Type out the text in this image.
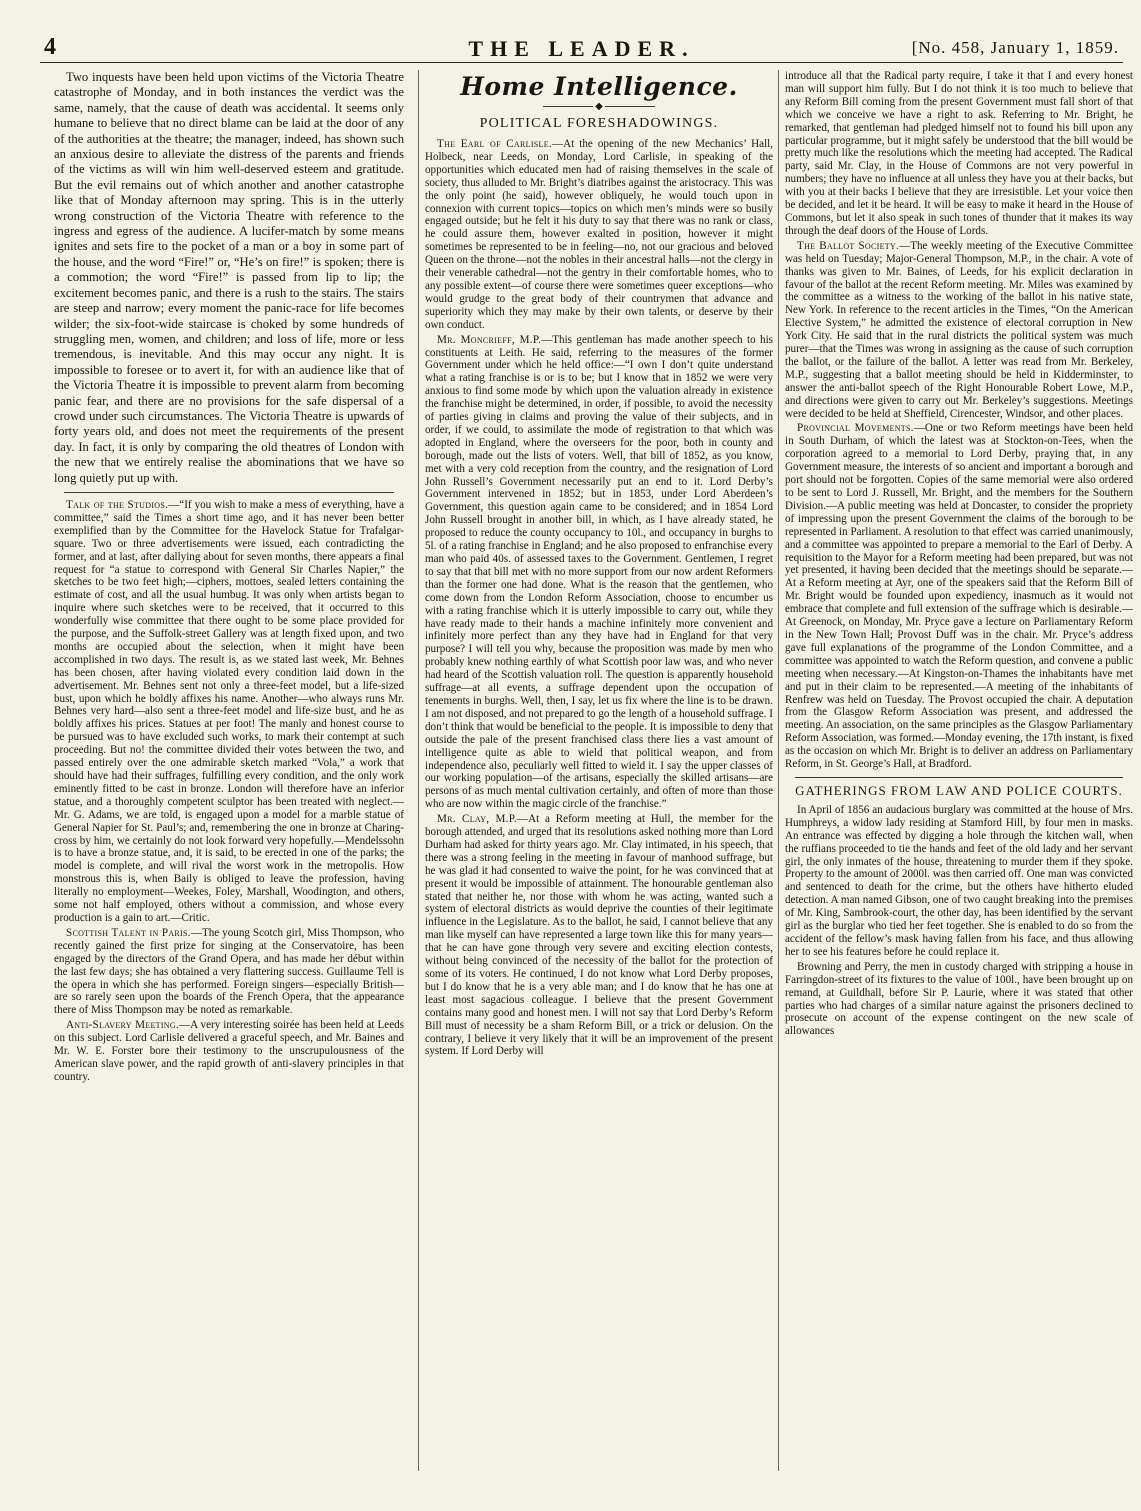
4	THE LEADER.	[No. 458, January 1, 1859.

Two inquests have been held upon victims of the Victoria Theatre catastrophe of Monday, and in both instances the verdict was the same, namely, that the cause of death was accidental. It seems only humane to believe that no direct blame can be laid at the door of any of the authorities at the theatre; the manager, indeed, has shown such an anxious desire to alleviate the distress of the parents and friends of the victims as will win him well-deserved esteem and gratitude. But the evil remains out of which another and another catastrophe like that of Monday afternoon may spring. This is in the utterly wrong construction of the Victoria Theatre with reference to the ingress and egress of the audience. A lucifer-match by some means ignites and sets fire to the pocket of a man or a boy in some part of the house, and the word “Fire!” or, “He’s on fire!” is spoken; there is a commotion; the word “Fire!” is passed from lip to lip; the excitement becomes panic, and there is a rush to the stairs. The stairs are steep and narrow; every moment the panic-race for life becomes wilder; the six-foot-wide staircase is choked by some hundreds of struggling men, women, and children; and loss of life, more or less tremendous, is inevitable. And this may occur any night. It is impossible to foresee or to avert it, for with an audience like that of the Victoria Theatre it is impossible to prevent alarm from becoming panic fear, and there are no provisions for the safe dispersal of a crowd under such circumstances. The Victoria Theatre is upwards of forty years old, and does not meet the requirements of the present day. In fact, it is only by comparing the old theatres of London with the new that we entirely realise the abominations that we have so long quietly put up with.

Talk of the Studios.—“If you wish to make a mess of everything, have a committee,” said the Times a short time ago, and it has never been better exemplified than by the Committee for the Havelock Statue for Trafalgar-square. Two or three advertisements were issued, each contradicting the former, and at last, after dallying about for seven months, there appears a final request for “a statue to correspond with General Sir Charles Napier,” the sketches to be two feet high;—ciphers, mottoes, sealed letters containing the estimate of cost, and all the usual humbug. It was only when artists began to inquire where such sketches were to be received, that it occurred to this wonderfully wise committee that there ought to be some place provided for the purpose, and the Suffolk-street Gallery was at length fixed upon, and two months are occupied about the selection, when it might have been accomplished in two days. The result is, as we stated last week, Mr. Behnes has been chosen, after having violated every condition laid down in the advertisement. Mr. Behnes sent not only a three-feet model, but a life-sized bust, upon which he boldly affixes his name. Another—who always runs Mr. Behnes very hard—also sent a three-feet model and life-size bust, and he as boldly affixes his prices. Statues at per foot! The manly and honest course to be pursued was to have excluded such works, to mark their contempt at such proceeding. But no! the committee divided their votes between the two, and passed entirely over the one admirable sketch marked “Vola,” a work that should have had their suffrages, fulfilling every condition, and the only work eminently fitted to be cast in bronze. London will therefore have an inferior statue, and a thoroughly competent sculptor has been treated with neglect.—Mr. G. Adams, we are told, is engaged upon a model for a marble statue of General Napier for St. Paul’s; and, remembering the one in bronze at Charing-cross by him, we certainly do not look forward very hopefully.—Mendelssohn is to have a bronze statue, and, it is said, to be erected in one of the parks; the model is complete, and will rival the worst work in the metropolis. How monstrous this is, when Baily is obliged to leave the profession, having literally no employment—Weekes, Foley, Marshall, Woodington, and others, some not half employed, others without a commission, and whose every production is a gain to art.—Critic.

Scottish Talent in Paris.—The young Scotch girl, Miss Thompson, who recently gained the first prize for singing at the Conservatoire, has been engaged by the directors of the Grand Opera, and has made her début within the last few days; she has obtained a very flattering success. Guillaume Tell is the opera in which she has performed. Foreign singers—especially British—are so rarely seen upon the boards of the French Opera, that the appearance there of Miss Thompson may be noted as remarkable.

Anti-Slavery Meeting.—A very interesting soirée has been held at Leeds on this subject. Lord Carlisle delivered a graceful speech, and Mr. Baines and Mr. W. E. Forster bore their testimony to the unscrupulousness of the American slave power, and the rapid growth of anti-slavery principles in that country.

Home Intelligence.
◆
POLITICAL FORESHADOWINGS.

The Earl of Carlisle.—At the opening of the new Mechanics’ Hall, Holbeck, near Leeds, on Monday, Lord Carlisle, in speaking of the opportunities which educated men had of raising themselves in the scale of society, thus alluded to Mr. Bright’s diatribes against the aristocracy. This was the only point (he said), however obliquely, he would touch upon in connexion with current topics—topics on which men’s minds were so busily engaged outside; but he felt it his duty to say that there was no rank or class, he could assure them, however exalted in position, however it might sometimes be represented to be in feeling—no, not our gracious and beloved Queen on the throne—not the nobles in their ancestral halls—not the clergy in their venerable cathedral—not the gentry in their comfortable homes, who to any possible extent—of course there were sometimes queer exceptions—who would grudge to the great body of their countrymen that advance and superiority which they may make by their own talents, or deserve by their own conduct.

Mr. Moncrieff, M.P.—This gentleman has made another speech to his constituents at Leith. He said, referring to the measures of the former Government under which he held office:—“I own I don’t quite understand what a rating franchise is or is to be; but I know that in 1852 we were very anxious to find some mode by which upon the valuation already in existence the franchise might be determined, in order, if possible, to avoid the necessity of parties giving in claims and proving the value of their subjects, and in order, if we could, to assimilate the mode of registration to that which was adopted in England, where the overseers for the poor, both in county and borough, made out the lists of voters. Well, that bill of 1852, as you know, met with a very cold reception from the country, and the resignation of Lord John Russell’s Government necessarily put an end to it. Lord Derby’s Government intervened in 1852; but in 1853, under Lord Aberdeen’s Government, this question again came to be considered; and in 1854 Lord John Russell brought in another bill, in which, as I have already stated, he proposed to reduce the county occupancy to 10l., and occupancy in burghs to 5l. of a rating franchise in England; and he also proposed to enfranchise every man who paid 40s. of assessed taxes to the Government. Gentlemen, I regret to say that that bill met with no more support from our now ardent Reformers than the former one had done. What is the reason that the gentlemen, who come down from the London Reform Association, choose to encumber us with a rating franchise which it is utterly impossible to carry out, while they have ready made to their hands a machine infinitely more convenient and infinitely more perfect than any they have had in England for that very purpose? I will tell you why, because the proposition was made by men who probably knew nothing earthly of what Scottish poor law was, and who never had heard of the Scottish valuation roll. The question is apparently household suffrage—at all events, a suffrage dependent upon the occupation of tenements in burghs. Well, then, I say, let us fix where the line is to be drawn. I am not disposed, and not prepared to go the length of a household suffrage. I don’t think that would be beneficial to the people. It is impossible to deny that outside the pale of the present franchised class there lies a vast amount of intelligence quite as able to wield that political weapon, and from independence also, peculiarly well fitted to wield it. I say the upper classes of our working population—of the artisans, especially the skilled artisans—are persons of as much mental cultivation certainly, and often of more than those who are now within the magic circle of the franchise.”

Mr. Clay, M.P.—At a Reform meeting at Hull, the member for the borough attended, and urged that its resolutions asked nothing more than Lord Durham had asked for thirty years ago. Mr. Clay intimated, in his speech, that there was a strong feeling in the meeting in favour of manhood suffrage, but he was glad it had consented to waive the point, for he was convinced that at present it would be impossible of attainment. The honourable gentleman also stated that neither he, nor those with whom he was acting, wanted such a system of electoral districts as would deprive the counties of their legitimate influence in the Legislature. As to the ballot, he said, I cannot believe that any man like myself can have represented a large town like this for many years—that he can have gone through very severe and exciting election contests, without being convinced of the necessity of the ballot for the protection of some of its voters. He continued, I do not know what Lord Derby proposes, but I do know that he is a very able man; and I do know that he has one at least most sagacious colleague. I believe that the present Government contains many good and honest men. I will not say that Lord Derby’s Reform Bill must of necessity be a sham Reform Bill, or a trick or delusion. On the contrary, I believe it very likely that it will be an improvement of the present system. If Lord Derby will

introduce all that the Radical party require, I take it that I and every honest man will support him fully. But I do not think it is too much to believe that any Reform Bill coming from the present Government must fall short of that which we conceive we have a right to ask. Referring to Mr. Bright, he remarked, that gentleman had pledged himself not to found his bill upon any particular programme, but it might safely be understood that the bill would be pretty much like the resolutions which the meeting had accepted. The Radical party, said Mr. Clay, in the House of Commons are not very powerful in numbers; they have no influence at all unless they have you at their backs, but with you at their backs I believe that they are irresistible. Let your voice then be decided, and let it be heard. It will be easy to make it heard in the House of Commons, but let it also speak in such tones of thunder that it makes its way through the deaf doors of the House of Lords.

The Ballot Society.—The weekly meeting of the Executive Committee was held on Tuesday; Major-General Thompson, M.P., in the chair. A vote of thanks was given to Mr. Baines, of Leeds, for his explicit declaration in favour of the ballot at the recent Reform meeting. Mr. Miles was examined by the committee as a witness to the working of the ballot in his native state, New York. In reference to the recent articles in the Times, “On the American Elective System,” he admitted the existence of electoral corruption in New York City. He said that in the rural districts the political system was much purer—that the Times was wrong in assigning as the cause of such corruption the ballot, or the failure of the ballot. A letter was read from Mr. Berkeley, M.P., suggesting that a ballot meeting should be held in Kidderminster, to answer the anti-ballot speech of the Right Honourable Robert Lowe, M.P., and directions were given to carry out Mr. Berkeley’s suggestions. Meetings were decided to be held at Sheffield, Cirencester, Windsor, and other places.

Provincial Movements.—One or two Reform meetings have been held in South Durham, of which the latest was at Stockton-on-Tees, when the corporation agreed to a memorial to Lord Derby, praying that, in any Government measure, the interests of so ancient and important a borough and port should not be forgotten. Copies of the same memorial were also ordered to be sent to Lord J. Russell, Mr. Bright, and the members for the Southern Division.—A public meeting was held at Doncaster, to consider the propriety of impressing upon the present Government the claims of the borough to be represented in Parliament. A resolution to that effect was carried unanimously, and a committee was appointed to prepare a memorial to the Earl of Derby. A requisition to the Mayor for a Reform meeting had been prepared, but was not yet presented, it having been decided that the meetings should be separate.—At a Reform meeting at Ayr, one of the speakers said that the Reform Bill of Mr. Bright would be founded upon expediency, inasmuch as it would not embrace that complete and full extension of the suffrage which is desirable.—At Greenock, on Monday, Mr. Pryce gave a lecture on Parliamentary Reform in the New Town Hall; Provost Duff was in the chair. Mr. Pryce’s address gave full explanations of the programme of the London Committee, and a committee was appointed to watch the Reform question, and convene a public meeting when necessary.—At Kingston-on-Thames the inhabitants have met and put in their claim to be represented.—A meeting of the inhabitants of Renfrew was held on Tuesday. The Provost occupied the chair. A deputation from the Glasgow Reform Association was present, and addressed the meeting. An association, on the same principles as the Glasgow Parliamentary Reform Association, was formed.—Monday evening, the 17th instant, is fixed as the occasion on which Mr. Bright is to deliver an address on Parliamentary Reform, in St. George’s Hall, at Bradford.

GATHERINGS FROM LAW AND POLICE COURTS.

In April of 1856 an audacious burglary was committed at the house of Mrs. Humphreys, a widow lady residing at Stamford Hill, by four men in masks. An entrance was effected by digging a hole through the kitchen wall, when the ruffians proceeded to tie the hands and feet of the old lady and her servant girl, the only inmates of the house, threatening to murder them if they spoke. Property to the amount of 2000l. was then carried off. One man was convicted and sentenced to death for the crime, but the others have hitherto eluded detection. A man named Gibson, one of two caught breaking into the premises of Mr. King, Sambrook-court, the other day, has been identified by the servant girl as the burglar who tied her feet together. She is enabled to do so from the accident of the fellow’s mask having fallen from his face, and thus allowing her to see his features before he could replace it.

Browning and Perry, the men in custody charged with stripping a house in Farringdon-street of its fixtures to the value of 100l., have been brought up on remand, at Guildhall, before Sir P. Laurie, where it was stated that other parties who had charges of a similar nature against the prisoners declined to prosecute on account of the expense contingent on the new scale of allowances
